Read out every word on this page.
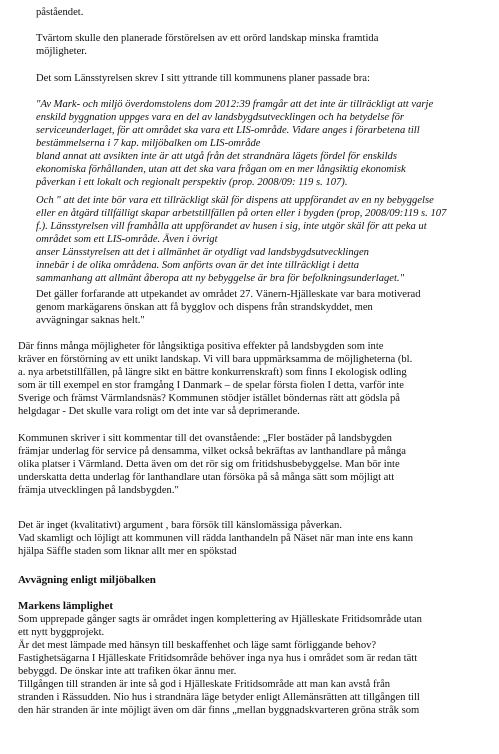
påståendet.
Tvärtom skulle den planerade förstörelsen av ett orörd landskap minska framtida
möjligheter.
Det som Länsstyrelsen skrev I sitt yttrande till kommunens planer passade bra:
"Av Mark- och miljö överdomstolens dom 2012:39 framgår att det inte är tillräckligt att varje
enskild byggnation uppges vara en del av landsbygdsutvecklingen och ha betydelse för
serviceunderlaget, för att området ska vara ett LIS-område. Vidare anges i förarbetena till
bestämmelserna i 7 kap. miljöbalken om LIS-område
bland annat att avsikten inte är att utgå från det strandnära lägets fördel för enskilds
ekonomiska förhållanden, utan att det ska vara frågan om en mer långsiktig ekonomisk
påverkan i ett lokalt och regionalt perspektiv (prop. 2008/09: 119 s. 107).
Och " att det inte bör vara ett tillräckligt skäl för dispens att uppförandet av en ny bebyggelse
eller en åtgärd tillfälligt skapar arbetstillfällen på orten eller i bygden (prop, 2008/09:119 s. 107
f.). Länsstyrelsen vill framhålla att uppförandet av husen i sig, inte utgör skäl för att peka ut
området som ett LIS-område. Även i övrigt
anser Länsstyrelsen att det i allmänhet är otydligt vad landsbygdsutvecklingen
innebär i de olika områdena. Som anförts ovan är det inte tillräckligt i detta
sammanhang att allmänt åberopa att ny bebyggelse är bra för befolkningsunderlaget."
Det gäller forfarande att utpekandet av området 27. Vänern-Hjälleskate var bara motiverad
genom markägarens önskan att få bygglov och dispens från strandskyddet, men
avvägningar saknas helt."
Där finns många möjligheter för långsiktiga positiva effekter på landsbygden som inte
kräver en förstörning av ett unikt landskap. Vi vill bara uppmärksamma de möjligheterna (bl.
a. nya arbetstillfällen, på längre sikt en bättre konkurrenskraft) som finns I ekologisk odling
som är till exempel en stor framgång I Danmark – de spelar första fiolen I detta, varför inte
Sverige och främst Värmlandsnäs? Kommunen stödjer istället böndernas rätt att gödsla på
helgdagar - Det skulle vara roligt om det inte var så deprimerande.
Kommunen skriver i sitt kommentar till det ovanstående: „Fler bostäder på landsbygden
främjar underlag för service på densamma, vilket också bekräftas av lanthandlare på många
olika platser i Värmland. Detta även om det rör sig om fritidshusbebyggelse. Man bör inte
underskatta detta underlag för lanthandlare utan försöka på så många sätt som möjligt att
främja utvecklingen på landsbygden."
Det är inget (kvalitativt) argument , bara försök till känslomässiga påverkan.
Vad skamligt och löjligt att kommunen vill rädda lanthandeln på Näset när man inte ens kann
hjälpa Säffle staden som liknar allt mer en spökstad
Avvägning enligt miljöbalken
Markens lämplighet
Som upprepade gånger sagts är området ingen komplettering av Hjälleskate Fritidsområde utan
ett nytt byggprojekt.
Är det mest lämpade med hänsyn till beskaffenhet och läge samt förliggande behov?
Fastighetsägarna I Hjälleskate Fritidsområde behöver inga nya hus i området som är redan tätt
bebyggd. De önskar inte att trafiken ökar ännu mer.
Tillgången till stranden är inte så god i Hjälleskate Fritidsområde att man kan avstå från
stranden i Rässudden. Nio hus i strandnära läge betyder enligt Allemänsrätten att tillgången till
den här stranden är inte möjligt även om där finns „mellan byggnadskvarteren gröna stråk som
